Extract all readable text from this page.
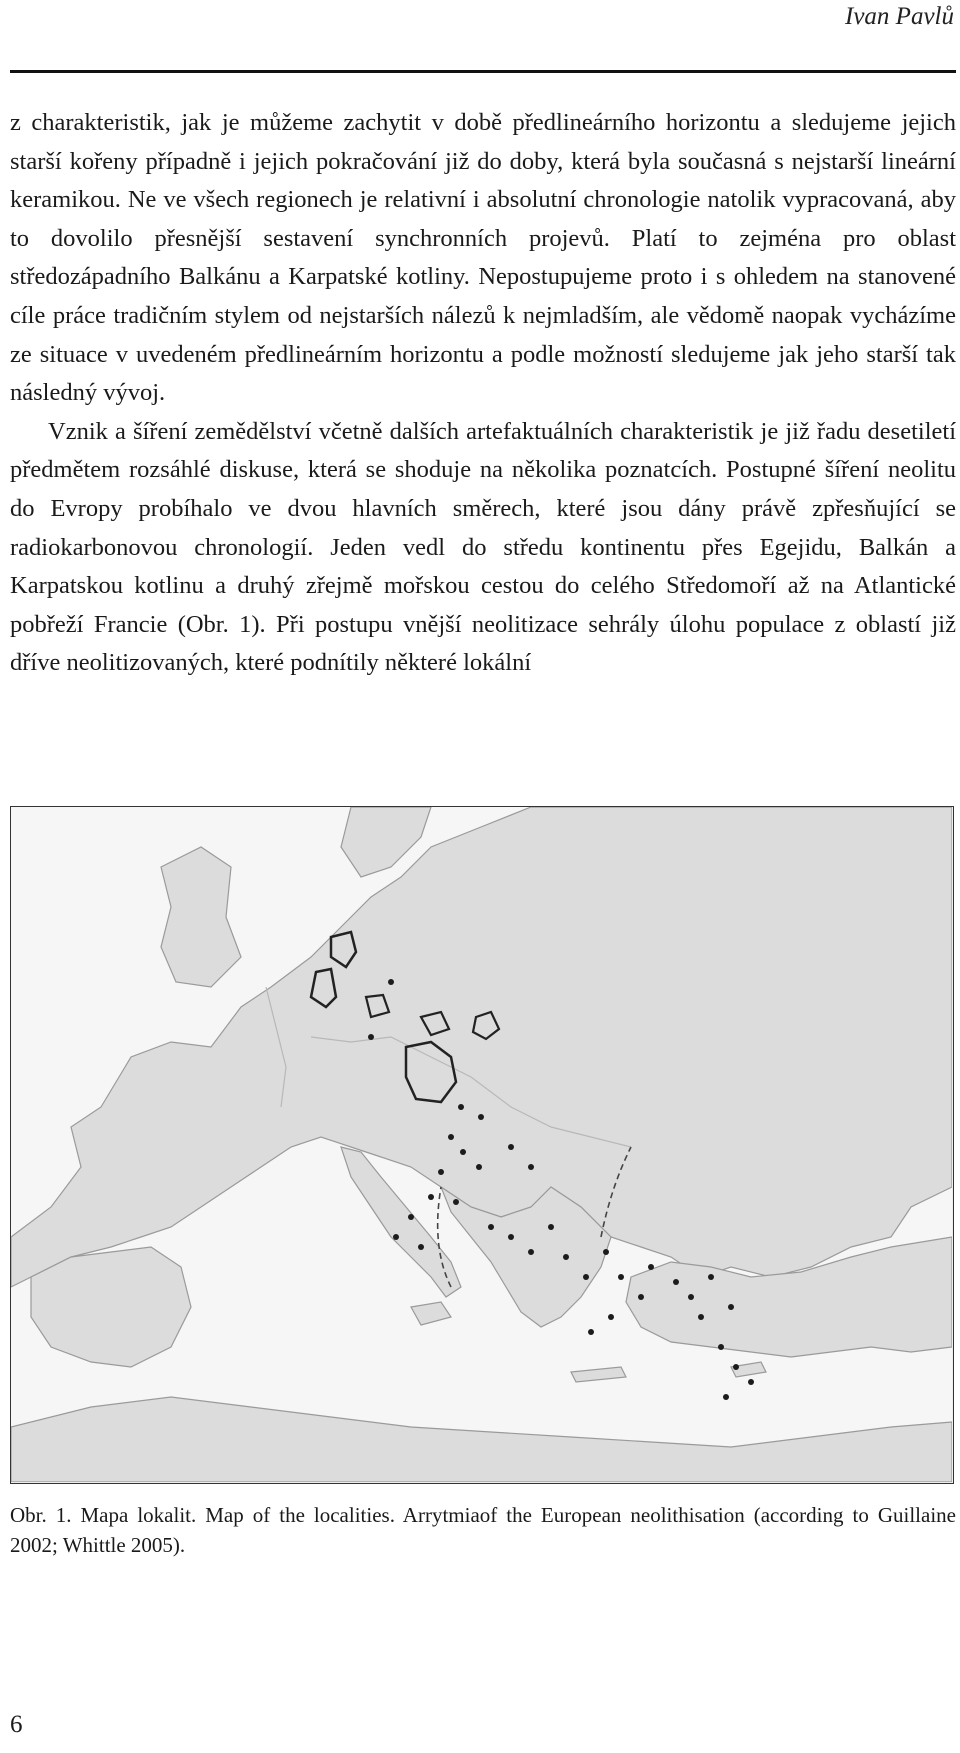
Ivan Pavlů

z charakteristik, jak je můžeme zachytit v době předlineárního horizontu a sledujeme jejich starší kořeny případně i jejich pokračování již do doby, která byla současná s nejstarší lineární keramikou. Ne ve všech regionech je relativní i absolutní chronologie natolik vypracovaná, aby to dovolilo přesnější sestavení synchronních projevů. Platí to zejména pro oblast středozápadního Balkánu a Karpatské kotliny. Nepostupujeme proto i s ohledem na stanovené cíle práce tradičním stylem od nejstarších nálezů k nejmladším, ale vědomě naopak vycházíme ze situace v uvedeném předlineárním horizontu a podle možností sledujeme jak jeho starší tak následný vývoj.

Vznik a šíření zemědělství včetně dalších artefaktuálních charakteristik je již řadu desetiletí předmětem rozsáhlé diskuse, která se shoduje na několika poznatcích. Postupné šíření neolitu do Evropy probíhalo ve dvou hlavních směrech, které jsou dány právě zpřesňující se radiokarbonovou chronologií. Jeden vedl do středu kontinentu přes Egejidu, Balkán a Karpatskou kotlinu a druhý zřejmě mořskou cestou do celého Středomoří až na Atlantické pobřeží Francie (Obr. 1). Při postupu vnější neolitizace sehrály úlohu populace z oblastí již dříve neolitizovaných, které podnítily některé lokální

Obr. 1. Mapa lokalit. Map of the localities. Arrytmiaof the European neolithisation (according to Guillaine 2002; Whittle 2005).
6
